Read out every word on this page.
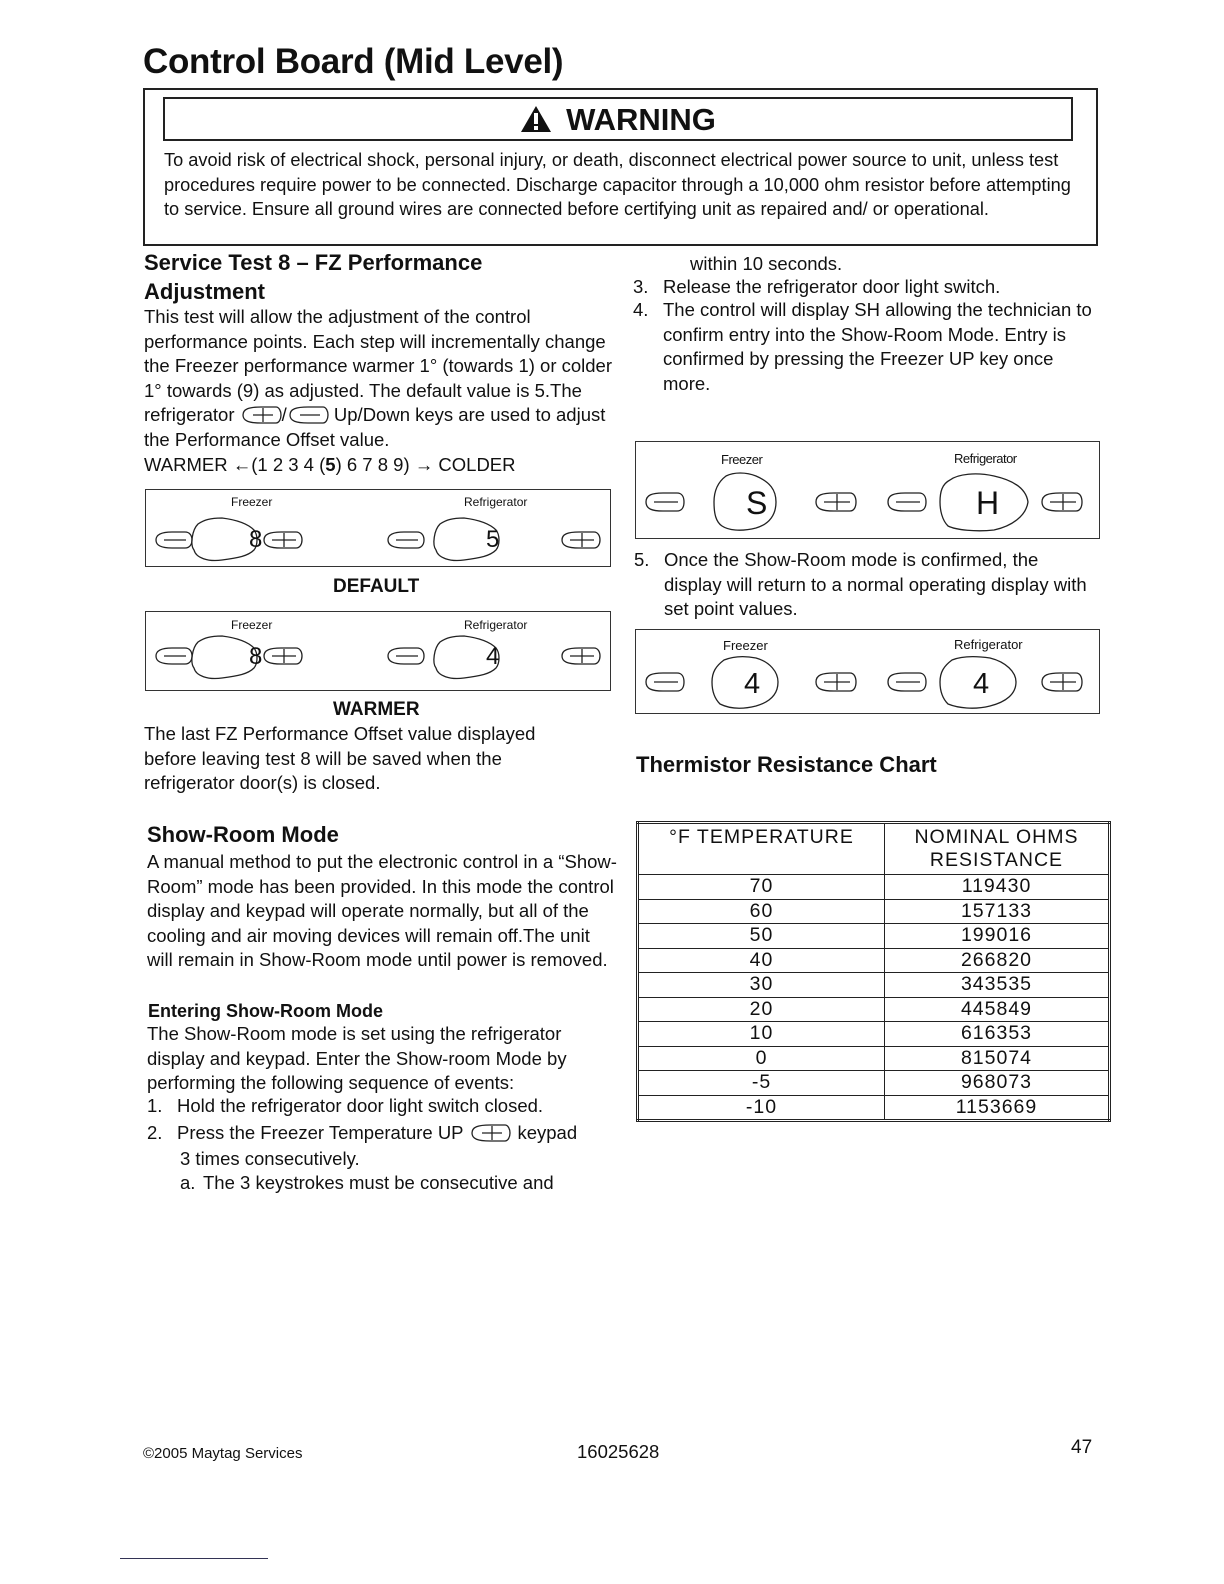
Control Board (Mid Level)
WARNING
To avoid risk of electrical shock, personal injury, or death, disconnect electrical power source to unit, unless test procedures require power to be connected. Discharge capacitor through a 10,000 ohm resistor before attempting to service. Ensure all ground wires are connected before certifying unit as repaired and/ or operational.
Service Test 8 – FZ Performance
Adjustment
This test will allow the adjustment of the control performance points. Each step will incrementally change the Freezer performance warmer 1° (towards 1) or colder 1° towards (9) as adjusted. The default value is 5.The refrigerator	/	Up/Down keys are used to adjust the Performance Offset value.
WARMER ←(1 2 3 4 (5) 6 7 8 9) → COLDER
Freezer	Refrigerator
8	5
DEFAULT
Freezer	Refrigerator
8	4
WARMER
The last FZ Performance Offset value displayed before leaving test 8 will be saved when the refrigerator door(s) is closed.
Show-Room Mode
A manual method to put the electronic control in a “Show-Room” mode has been provided. In this mode the control display and keypad will operate normally, but all of the cooling and air moving devices will remain off.The unit will remain in Show-Room mode until power is removed.
Entering Show-Room Mode
The Show-Room mode is set using the refrigerator display and keypad. Enter the Show-room Mode by performing the following sequence of events:
1. Hold the refrigerator door light switch closed.
2. Press the Freezer Temperature UP	keypad
3 times consecutively.
a. The 3 keystrokes must be consecutive and
within 10 seconds.
3. Release the refrigerator door light switch.
4. The control will display SH allowing the technician to confirm entry into the Show-Room Mode. Entry is confirmed by pressing the Freezer UP key once more.
Freezer	Refrigerator
S	H
5. Once the Show-Room mode is confirmed, the display will return to a normal operating display with set point values.
Freezer	Refrigerator
4	4
Thermistor Resistance Chart
°F TEMPERATURE	NOMINAL OHMS
RESISTANCE
70	119430
60	157133
50	199016
40	266820
30	343535
20	445849
10	616353
0	815074
-5	968073
-10	1153669
©2005 Maytag Services	16025628	47
